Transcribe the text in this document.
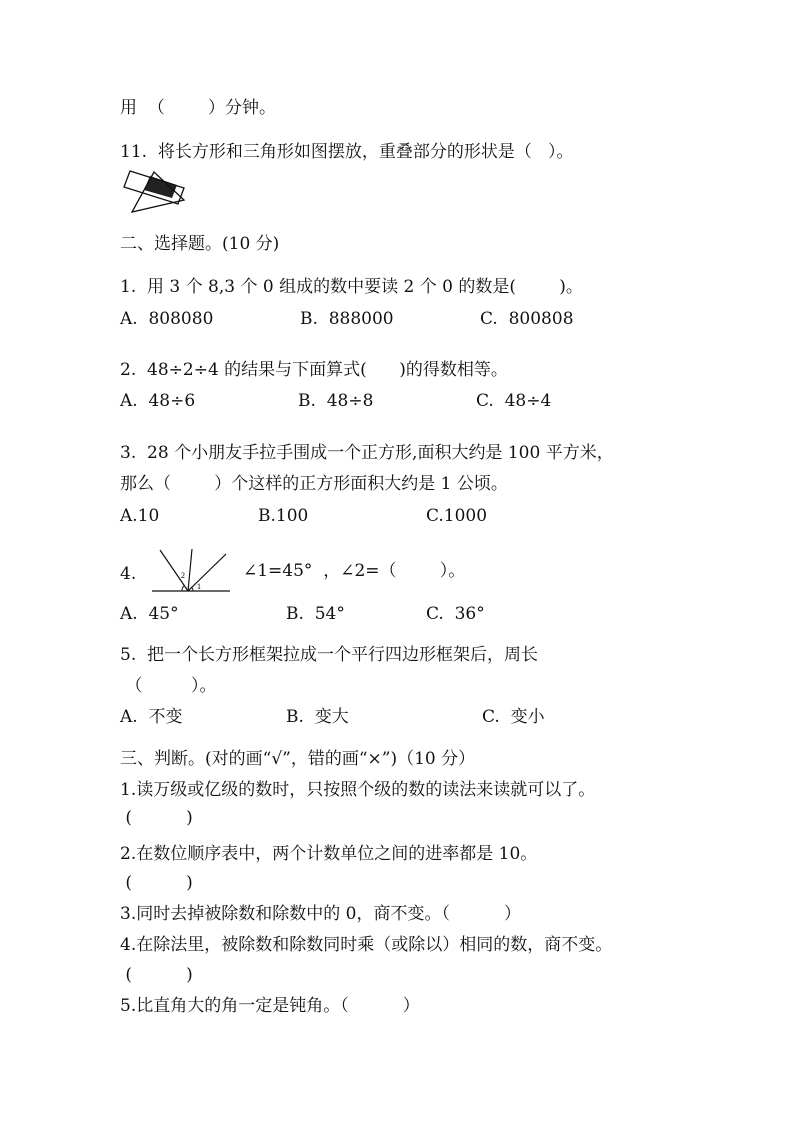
用  （        ）分钟。
11.  将长方形和三角形如图摆放，重叠部分的形状是（   ）。
二、选择题。(10 分)
1.  用 3 个 8,3 个 0 组成的数中要读 2 个 0 的数是(        )。
A.  808080	B.  888000	C.  800808
2.  48÷2÷4 的结果与下面算式(      )的得数相等。
A.  48÷6	B.  48÷8	C.  48÷4
3.  28 个小朋友手拉手围成一个正方形,面积大约是 100 平方米，
那么（        ）个这样的正方形面积大约是 1 公顷。
A.10	B.100	C.1000
4.	2
1
∠1=45°  ，∠2=（        ）。
A.  45°	B.  54°	C.  36°
5.  把一个长方形框架拉成一个平行四边形框架后，周长
（         ）。
A.  不变	B.  变大	C.  变小
三、判断。(对的画“√”，错的画“×”)（10 分）
1.读万级或亿级的数时，只按照个级的数的读法来读就可以了。
(          )
2.在数位顺序表中，两个计数单位之间的进率都是 10。
(          )
3.同时去掉被除数和除数中的 0，商不变。（          ）
4.在除法里，被除数和除数同时乘（或除以）相同的数，商不变。
(          )
5.比直角大的角一定是钝角。（          ）
